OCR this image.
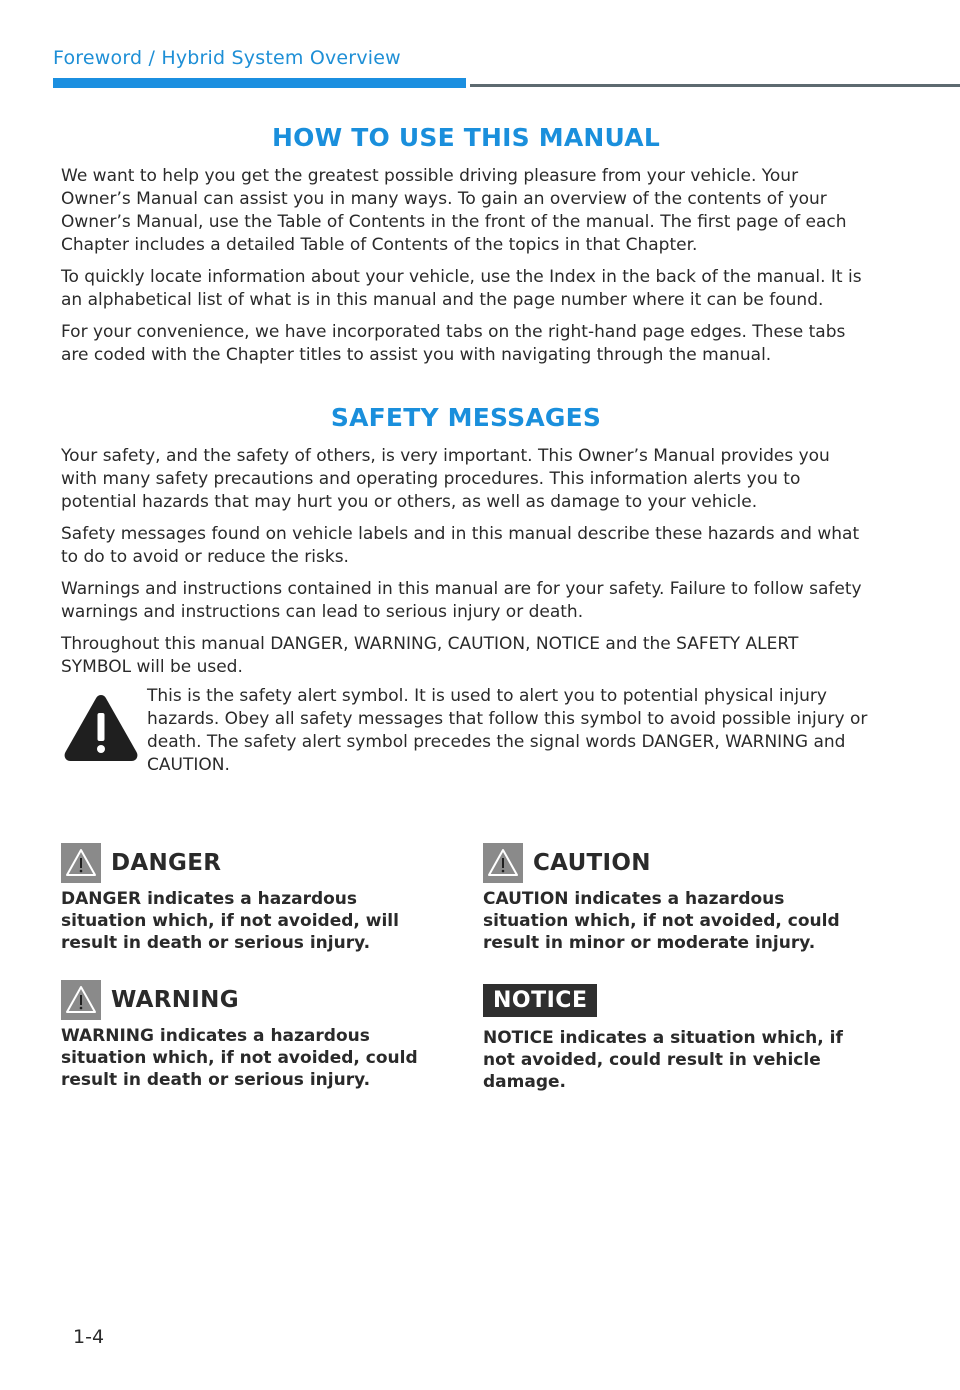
Foreword / Hybrid System Overview
HOW TO USE THIS MANUAL

We want to help you get the greatest possible driving pleasure from your vehicle. Your Owner’s Manual can assist you in many ways. To gain an overview of the contents of your Owner’s Manual, use the Table of Contents in the front of the manual. The first page of each Chapter includes a detailed Table of Contents of the topics in that Chapter.

To quickly locate information about your vehicle, use the Index in the back of the manual. It is an alphabetical list of what is in this manual and the page number where it can be found.

For your convenience, we have incorporated tabs on the right-hand page edges. These tabs are coded with the Chapter titles to assist you with navigating through the manual.

SAFETY MESSAGES

Your safety, and the safety of others, is very important. This Owner’s Manual provides you with many safety precautions and operating procedures. This information alerts you to potential hazards that may hurt you or others, as well as damage to your vehicle.

Safety messages found on vehicle labels and in this manual describe these hazards and what to do to avoid or reduce the risks.

Warnings and instructions contained in this manual are for your safety. Failure to follow safety warnings and instructions can lead to serious injury or death.

Throughout this manual DANGER, WARNING, CAUTION, NOTICE and the SAFETY ALERT SYMBOL will be used.

This is the safety alert symbol. It is used to alert you to potential physical injury hazards. Obey all safety messages that follow this symbol to avoid possible injury or death. The safety alert symbol precedes the signal words DANGER, WARNING and CAUTION.
DANGER
DANGER indicates a hazardous situation which, if not avoided, will result in death or serious injury.
CAUTION
CAUTION indicates a hazardous situation which, if not avoided, could result in minor or moderate injury.
WARNING
WARNING indicates a hazardous situation which, if not avoided, could result in death or serious injury.
NOTICE
NOTICE indicates a situation which, if not avoided, could result in vehicle damage.
1-4
